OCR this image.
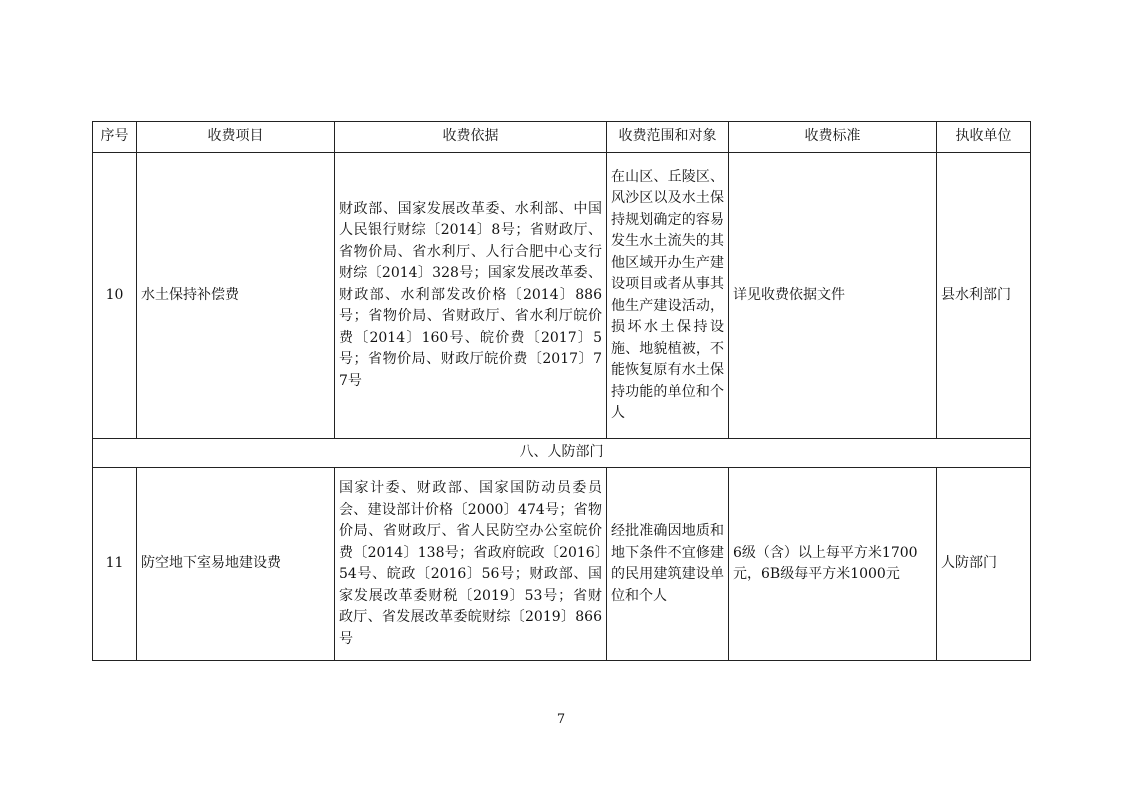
序号	收费项目	收费依据	收费范围和对象	收费标准	执收单位
10	水土保持补偿费	财政部、国家发展改革委、水利部、中国人民银行财综〔2014〕8号；省财政厅、省物价局、省水利厅、人行合肥中心支行财综〔2014〕328号；国家发展改革委、财政部、水利部发改价格〔2014〕886号；省物价局、省财政厅、省水利厅皖价费〔2014〕160号、皖价费〔2017〕5号；省物价局、财政厅皖价费〔2017〕77号	在山区、丘陵区、风沙区以及水土保持规划确定的容易发生水土流失的其他区域开办生产建设项目或者从事其他生产建设活动，损坏水土保持设施、地貌植被，不能恢复原有水土保持功能的单位和个人	详见收费依据文件	县水利部门
八、人防部门					
11	防空地下室易地建设费	国家计委、财政部、国家国防动员委员会、建设部计价格〔2000〕474号；省物价局、省财政厅、省人民防空办公室皖价费〔2014〕138号；省政府皖政〔2016〕54号、皖政〔2016〕56号；财政部、国家发展改革委财税〔2019〕53号；省财政厅、省发展改革委皖财综〔2019〕866号	经批准确因地质和地下条件不宜修建的民用建筑建设单位和个人	6级（含）以上每平方米1700元，6B级每平方米1000元	人防部门
7
